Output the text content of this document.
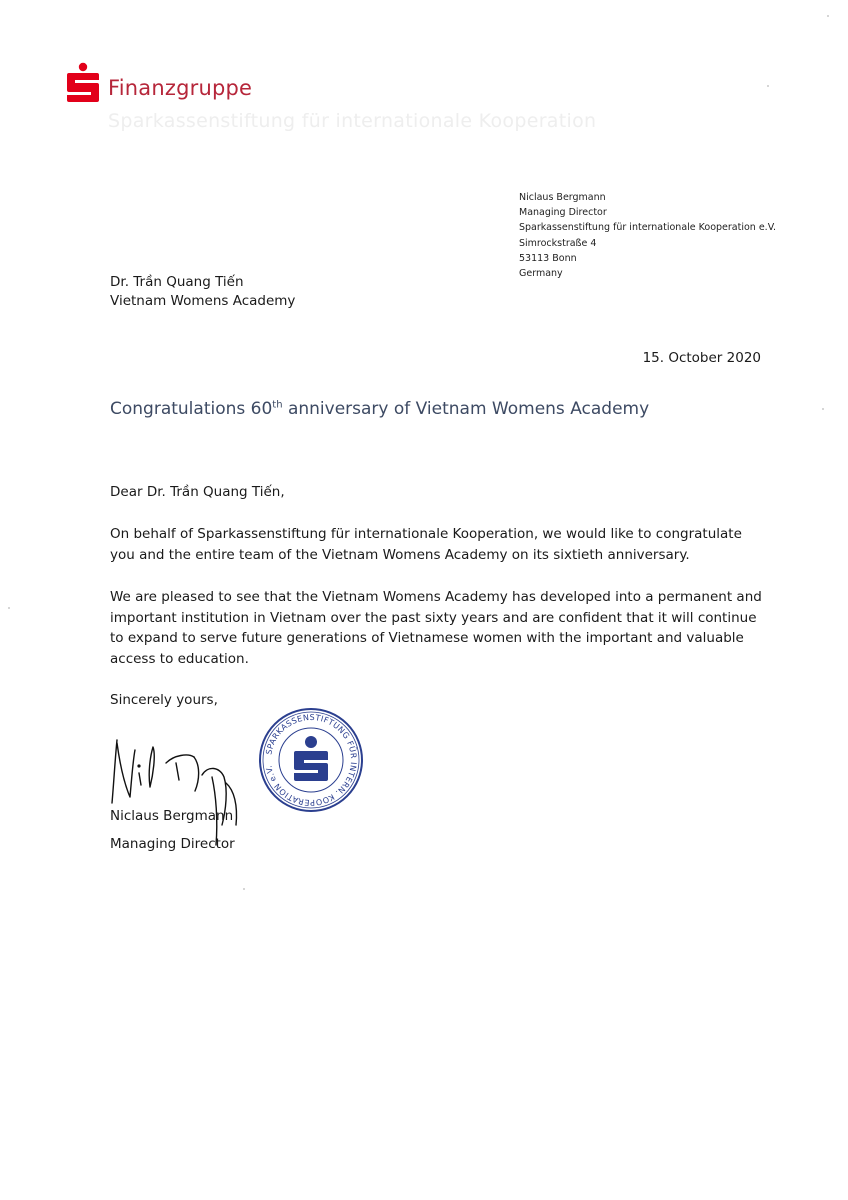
Finanzgruppe
Sparkassenstiftung für internationale Kooperation
Niclaus Bergmann
Managing Director
Sparkassenstiftung für internationale Kooperation e.V.
Simrockstraße 4
53113 Bonn
Germany
Dr. Trần Quang Tiến
Vietnam Womens Academy
15. October 2020
Congratulations 60th anniversary of Vietnam Womens Academy
Dear Dr. Trần Quang Tiến,
On behalf of Sparkassenstiftung für internationale Kooperation, we would like to congratulate you and the entire team of the Vietnam Womens Academy on its sixtieth anniversary.
We are pleased to see that the Vietnam Womens Academy has developed into a permanent and important institution in Vietnam over the past sixty years and are confident that it will continue to expand to serve future generations of Vietnamese women with the important and valuable access to education.
Sincerely yours,
Niclaus Bergmann
Managing Director
SPARKASSENSTIFTUNG FÜR INTERN. KOOPERATION e.V.
